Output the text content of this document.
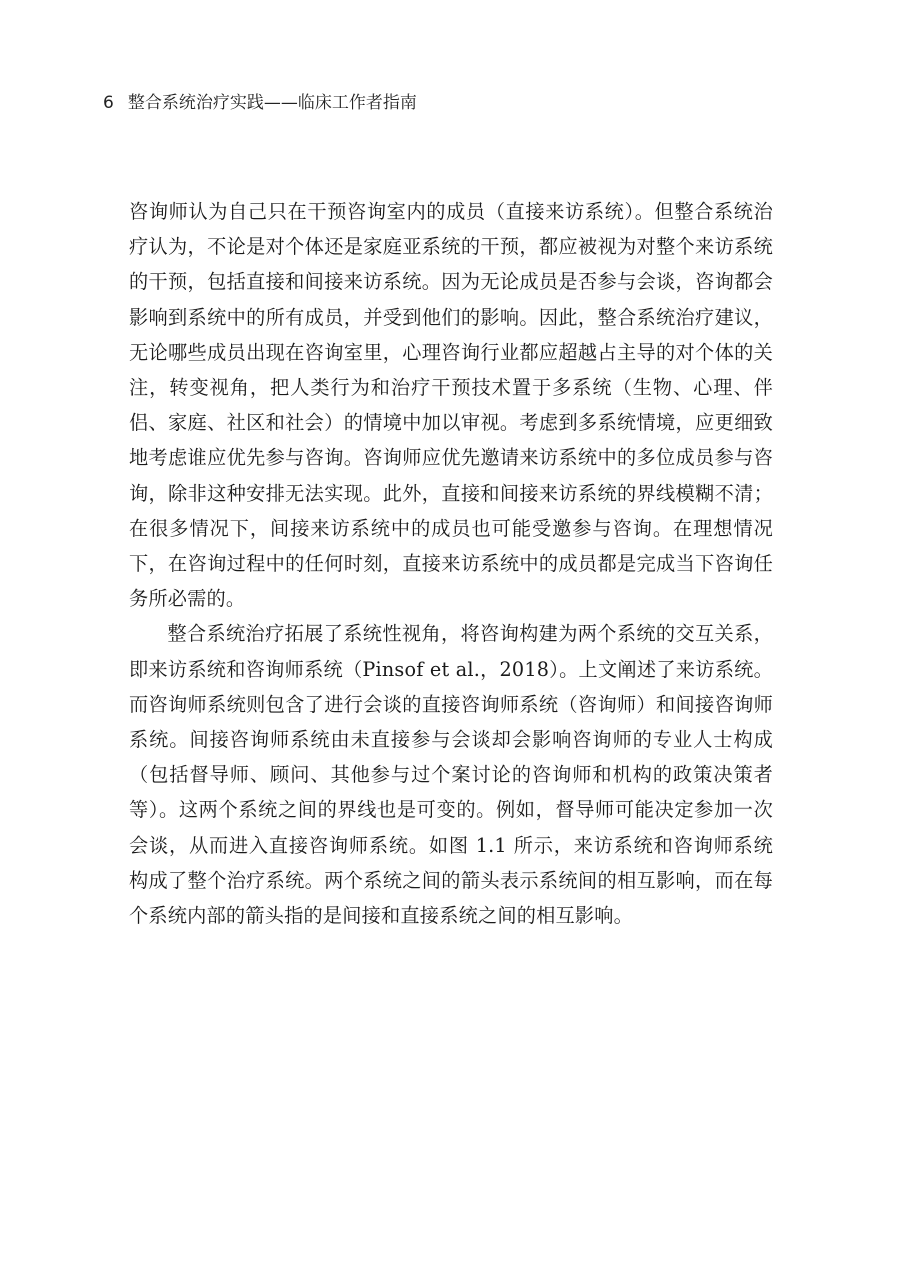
6 整合系统治疗实践——临床工作者指南

咨询师认为自己只在干预咨询室内的成员（直接来访系统）。但整合系统治疗认为，不论是对个体还是家庭亚系统的干预，都应被视为对整个来访系统的干预，包括直接和间接来访系统。因为无论成员是否参与会谈，咨询都会影响到系统中的所有成员，并受到他们的影响。因此，整合系统治疗建议，无论哪些成员出现在咨询室里，心理咨询行业都应超越占主导的对个体的关注，转变视角，把人类行为和治疗干预技术置于多系统（生物、心理、伴侣、家庭、社区和社会）的情境中加以审视。考虑到多系统情境，应更细致地考虑谁应优先参与咨询。咨询师应优先邀请来访系统中的多位成员参与咨询，除非这种安排无法实现。此外，直接和间接来访系统的界线模糊不清；在很多情况下，间接来访系统中的成员也可能受邀参与咨询。在理想情况下，在咨询过程中的任何时刻，直接来访系统中的成员都是完成当下咨询任务所必需的。

整合系统治疗拓展了系统性视角，将咨询构建为两个系统的交互关系，即来访系统和咨询师系统（Pinsof et al.，2018）。上文阐述了来访系统。而咨询师系统则包含了进行会谈的直接咨询师系统（咨询师）和间接咨询师系统。间接咨询师系统由未直接参与会谈却会影响咨询师的专业人士构成（包括督导师、顾问、其他参与过个案讨论的咨询师和机构的政策决策者等）。这两个系统之间的界线也是可变的。例如，督导师可能决定参加一次会谈，从而进入直接咨询师系统。如图 1.1 所示，来访系统和咨询师系统构成了整个治疗系统。两个系统之间的箭头表示系统间的相互影响，而在每个系统内部的箭头指的是间接和直接系统之间的相互影响。
